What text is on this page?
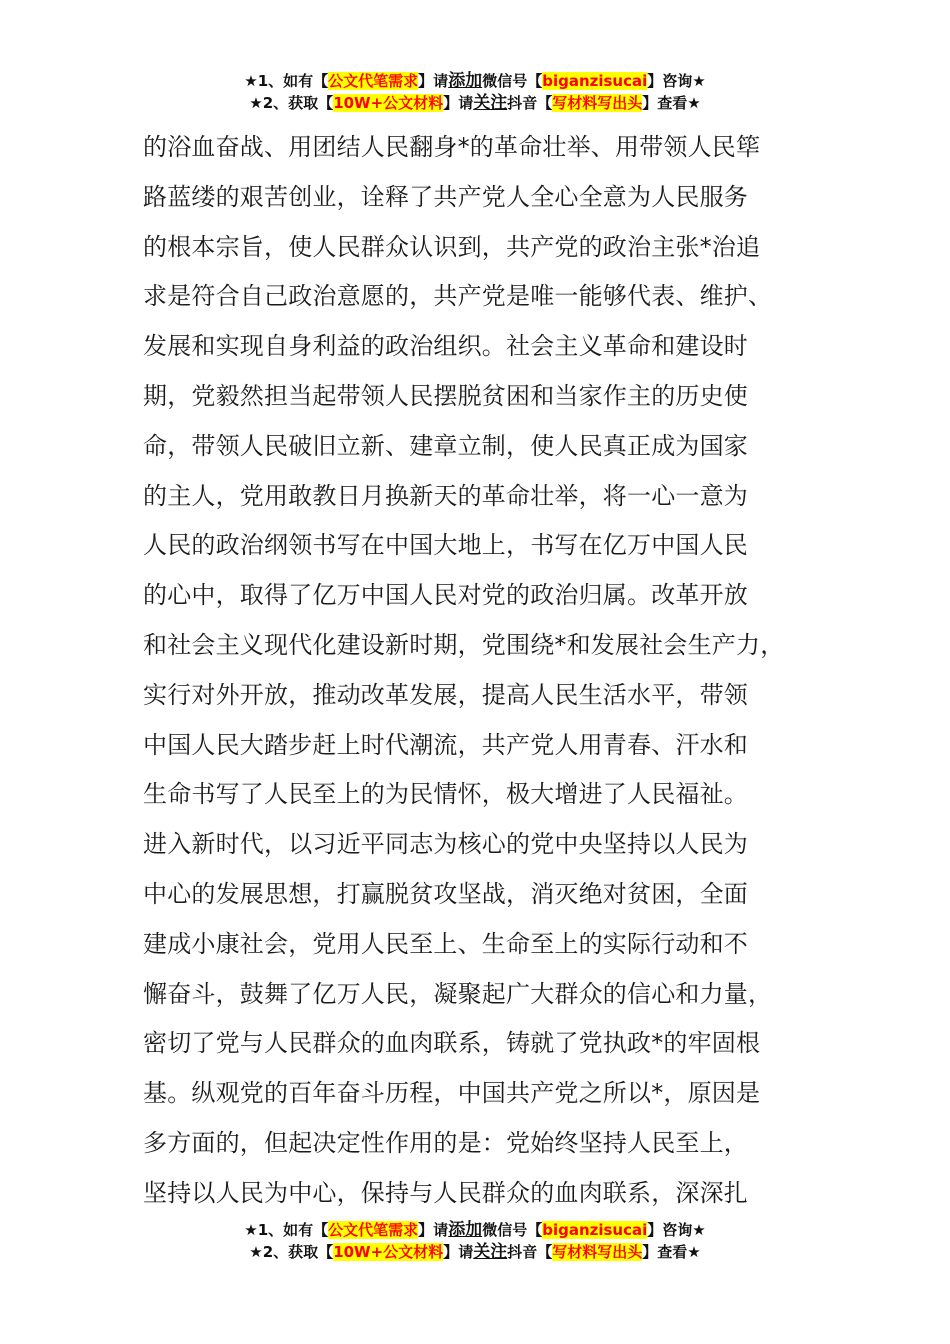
★1、如有【公文代笔需求】请添加微信号【biganzisucai】咨询★
★2、获取【10W+公文材料】请关注抖音【写材料写出头】查看★
的浴血奋战、用团结人民翻身*的革命壮举、用带领人民筚
路蓝缕的艰苦创业，诠释了共产党人全心全意为人民服务
的根本宗旨，使人民群众认识到，共产党的政治主张*治追
求是符合自己政治意愿的，共产党是唯一能够代表、维护、
发展和实现自身利益的政治组织。社会主义革命和建设时
期，党毅然担当起带领人民摆脱贫困和当家作主的历史使
命，带领人民破旧立新、建章立制，使人民真正成为国家
的主人，党用敢教日月换新天的革命壮举，将一心一意为
人民的政治纲领书写在中国大地上，书写在亿万中国人民
的心中，取得了亿万中国人民对党的政治归属。改革开放
和社会主义现代化建设新时期，党围绕*和发展社会生产力，
实行对外开放，推动改革发展，提高人民生活水平，带领
中国人民大踏步赶上时代潮流，共产党人用青春、汗水和
生命书写了人民至上的为民情怀，极大增进了人民福祉。
进入新时代，以习近平同志为核心的党中央坚持以人民为
中心的发展思想，打赢脱贫攻坚战，消灭绝对贫困，全面
建成小康社会，党用人民至上、生命至上的实际行动和不
懈奋斗，鼓舞了亿万人民，凝聚起广大群众的信心和力量，
密切了党与人民群众的血肉联系，铸就了党执政*的牢固根
基。纵观党的百年奋斗历程，中国共产党之所以*，原因是
多方面的，但起决定性作用的是：党始终坚持人民至上，
坚持以人民为中心，保持与人民群众的血肉联系，深深扎
★1、如有【公文代笔需求】请添加微信号【biganzisucai】咨询★
★2、获取【10W+公文材料】请关注抖音【写材料写出头】查看★
